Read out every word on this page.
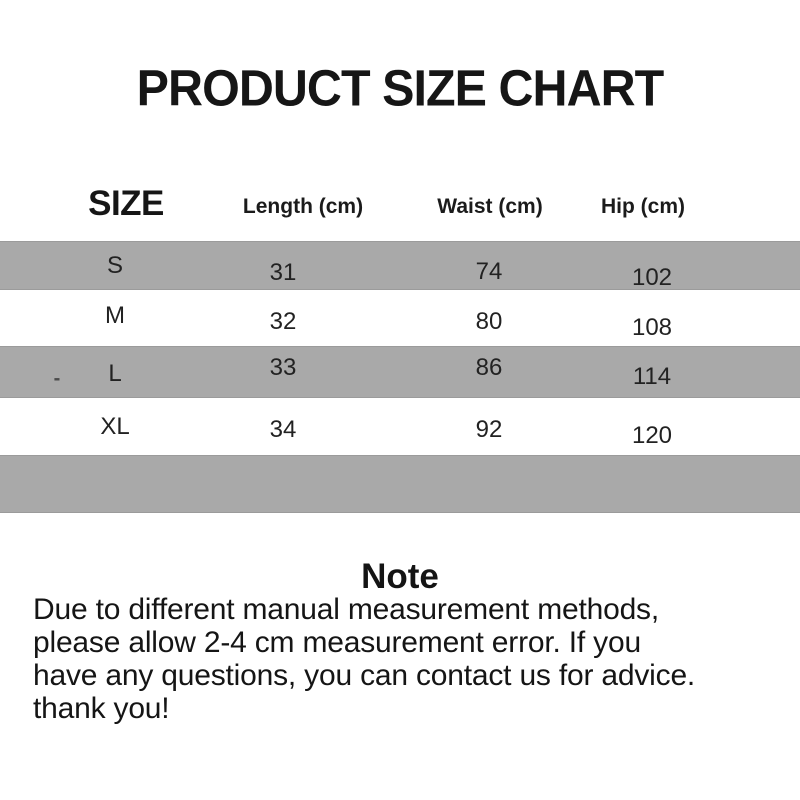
PRODUCT SIZE CHART
SIZE	Length (cm)	Waist (cm)	Hip (cm)
S	31	74	102
M	32	80	108
L	33	86	114
XL	34	92	120
-
Note
Due to different manual measurement methods,
please allow 2-4 cm measurement error. If you
have any questions, you can contact us for advice.
thank you!
